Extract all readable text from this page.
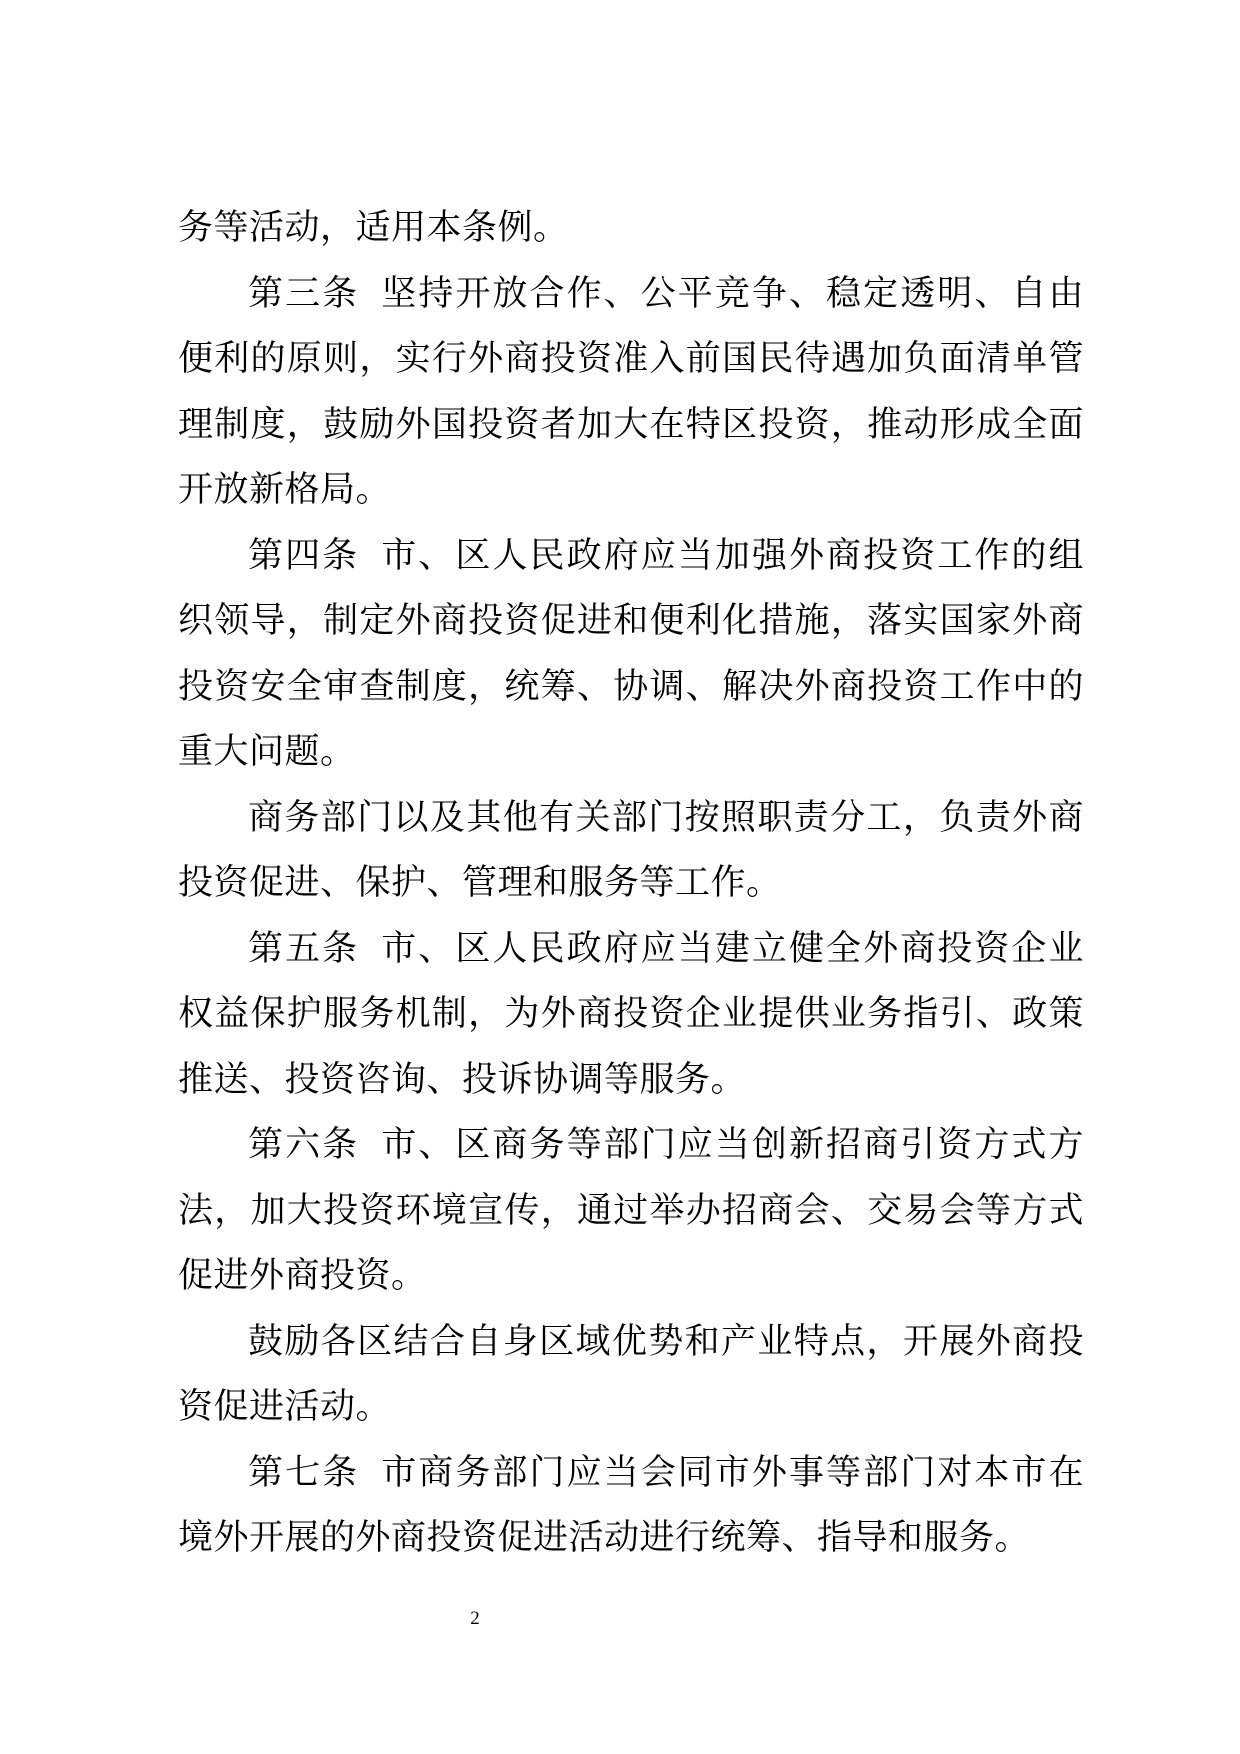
务等活动，适用本条例。

第三条 坚持开放合作、公平竞争、稳定透明、自由便利的原则，实行外商投资准入前国民待遇加负面清单管理制度，鼓励外国投资者加大在特区投资，推动形成全面开放新格局。

第四条 市、区人民政府应当加强外商投资工作的组织领导，制定外商投资促进和便利化措施，落实国家外商投资安全审查制度，统筹、协调、解决外商投资工作中的重大问题。

商务部门以及其他有关部门按照职责分工，负责外商投资促进、保护、管理和服务等工作。

第五条 市、区人民政府应当建立健全外商投资企业权益保护服务机制，为外商投资企业提供业务指引、政策推送、投资咨询、投诉协调等服务。

第六条 市、区商务等部门应当创新招商引资方式方法，加大投资环境宣传，通过举办招商会、交易会等方式促进外商投资。

鼓励各区结合自身区域优势和产业特点，开展外商投资促进活动。

第七条 市商务部门应当会同市外事等部门对本市在境外开展的外商投资促进活动进行统筹、指导和服务。

2
